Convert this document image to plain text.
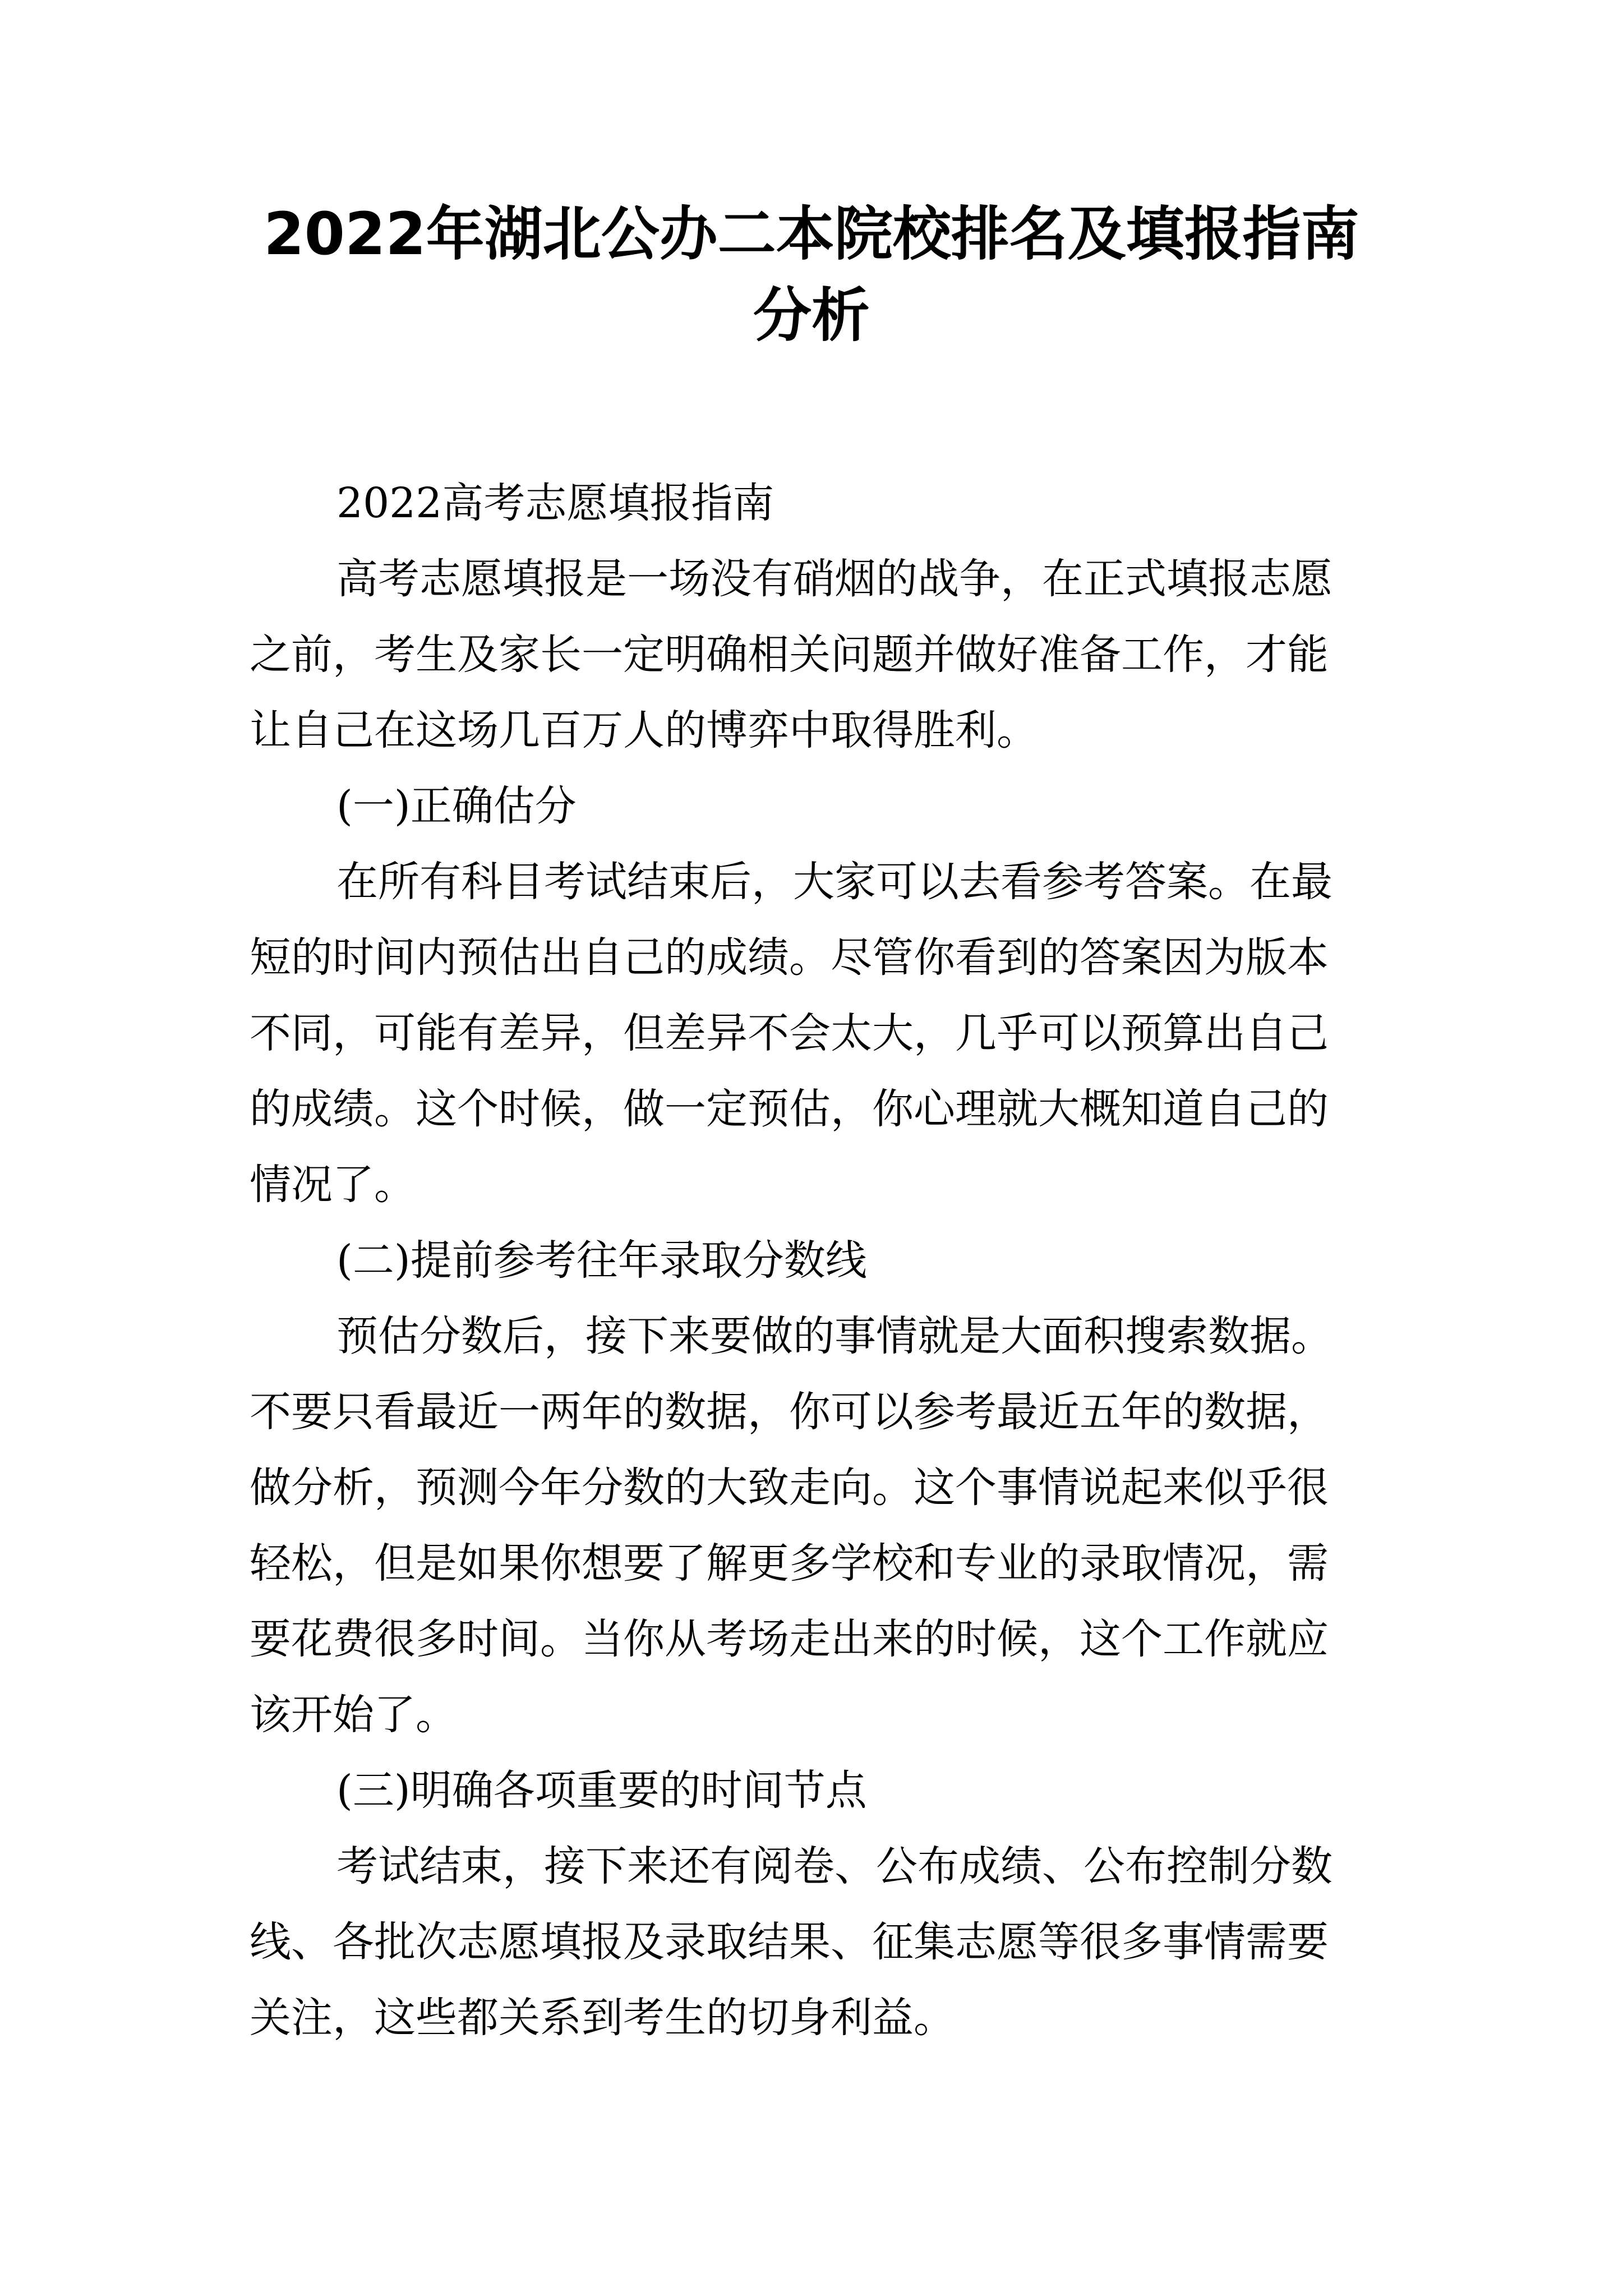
2022年湖北公办二本院校排名及填报指南
分析
2022高考志愿填报指南
高考志愿填报是一场没有硝烟的战争，在正式填报志愿
之前，考生及家长一定明确相关问题并做好准备工作，才能
让自己在这场几百万人的博弈中取得胜利。
(一)正确估分
在所有科目考试结束后，大家可以去看参考答案。在最
短的时间内预估出自己的成绩。尽管你看到的答案因为版本
不同，可能有差异，但差异不会太大，几乎可以预算出自己
的成绩。这个时候，做一定预估，你心理就大概知道自己的
情况了。
(二)提前参考往年录取分数线
预估分数后，接下来要做的事情就是大面积搜索数据。
不要只看最近一两年的数据，你可以参考最近五年的数据，
做分析，预测今年分数的大致走向。这个事情说起来似乎很
轻松，但是如果你想要了解更多学校和专业的录取情况，需
要花费很多时间。当你从考场走出来的时候，这个工作就应
该开始了。
(三)明确各项重要的时间节点
考试结束，接下来还有阅卷、公布成绩、公布控制分数
线、各批次志愿填报及录取结果、征集志愿等很多事情需要
关注，这些都关系到考生的切身利益。
